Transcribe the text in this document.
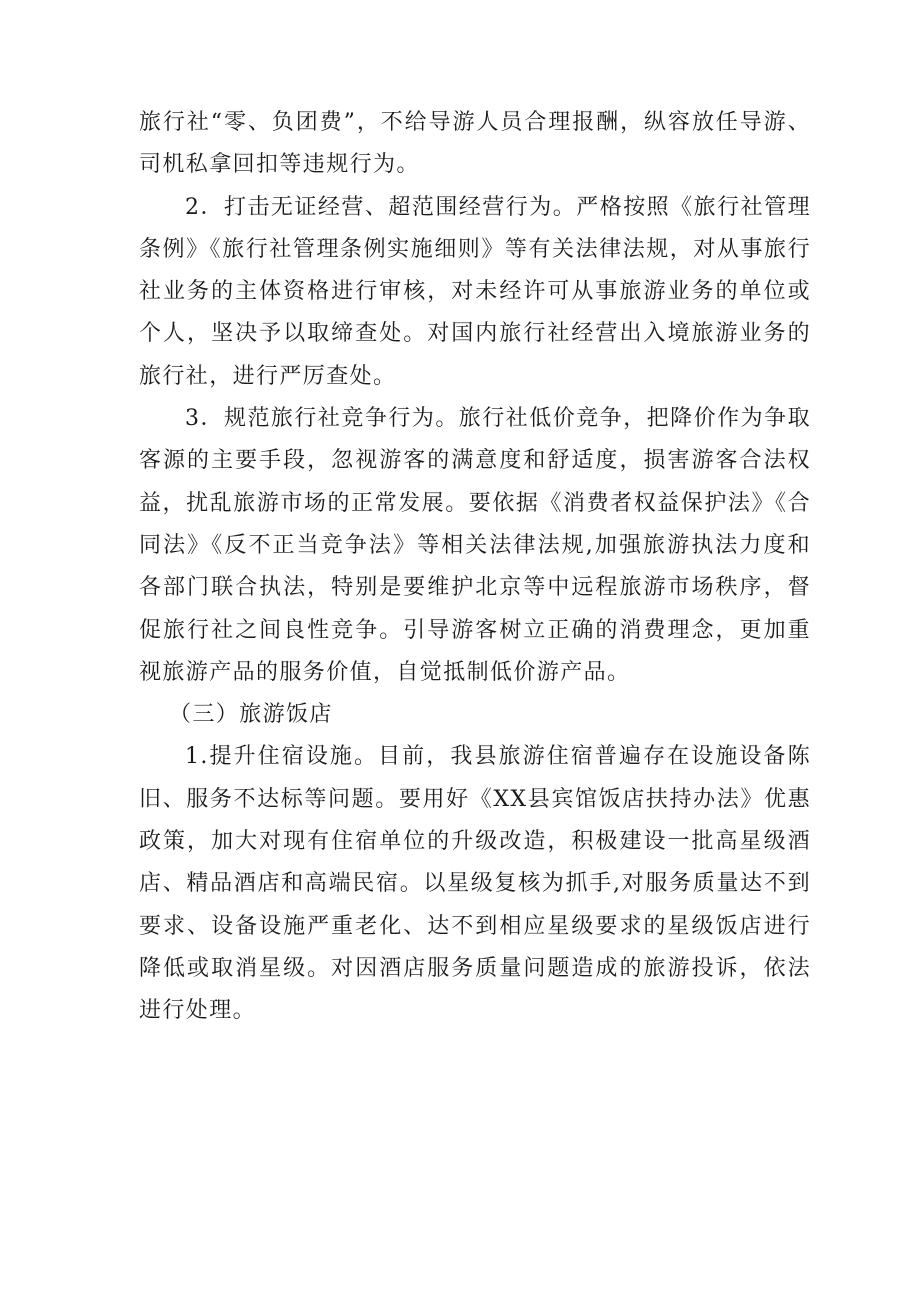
旅行社“零、负团费”，不给导游人员合理报酬，纵容放任导游、司机私拿回扣等违规行为。

2．打击无证经营、超范围经营行为。严格按照《旅行社管理条例》《旅行社管理条例实施细则》等有关法律法规，对从事旅行社业务的主体资格进行审核，对未经许可从事旅游业务的单位或个人，坚决予以取缔查处。对国内旅行社经营出入境旅游业务的旅行社，进行严厉查处。

3．规范旅行社竞争行为。旅行社低价竞争，把降价作为争取客源的主要手段，忽视游客的满意度和舒适度，损害游客合法权益，扰乱旅游市场的正常发展。要依据《消费者权益保护法》《合同法》《反不正当竞争法》等相关法律法规,加强旅游执法力度和各部门联合执法，特别是要维护北京等中远程旅游市场秩序，督促旅行社之间良性竞争。引导游客树立正确的消费理念，更加重视旅游产品的服务价值，自觉抵制低价游产品。

（三）旅游饭店

1.提升住宿设施。目前，我县旅游住宿普遍存在设施设备陈旧、服务不达标等问题。要用好《XX县宾馆饭店扶持办法》优惠政策，加大对现有住宿单位的升级改造，积极建设一批高星级酒店、精品酒店和高端民宿。以星级复核为抓手,对服务质量达不到要求、设备设施严重老化、达不到相应星级要求的星级饭店进行降低或取消星级。对因酒店服务质量问题造成的旅游投诉，依法进行处理。
